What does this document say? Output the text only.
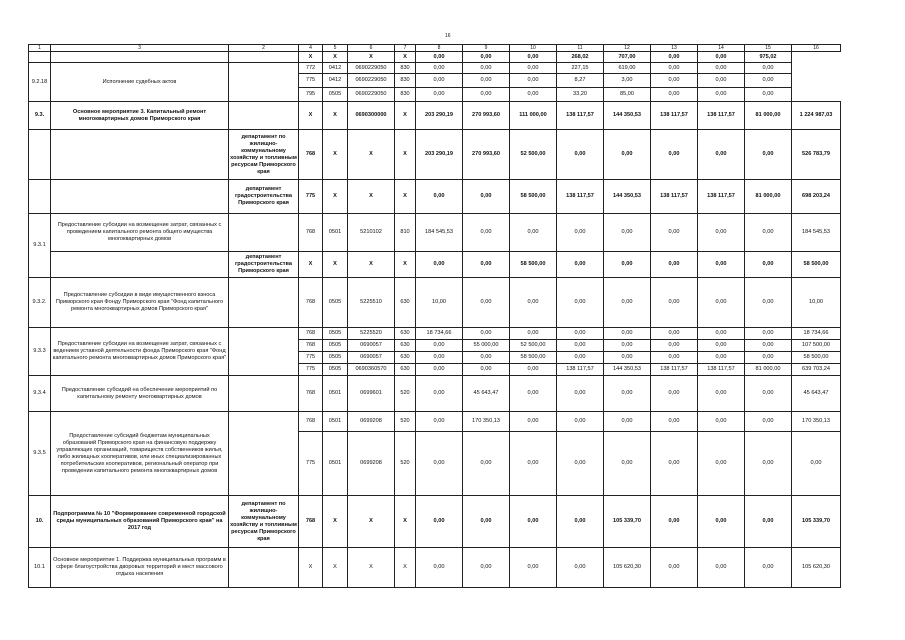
16
1	3	2	4	5	6	7	8	9	10	11	12	13	14	15	16
			X	X	X	X	0,00	0,00	0,00	268,02	707,00	0,00	0,00	975,02	
9.2.18	Исполнение судебных актов		772	0412	0690229050	830	0,00	0,00	0,00	227,15	619,00	0,00	0,00	0,00	
			775	0412	0690229050	830	0,00	0,00	0,00	8,27	3,00	0,00	0,00	0,00	
			795	0505	0690229050	830	0,00	0,00	0,00	33,20	85,00	0,00	0,00	0,00	
9.3.	Основное мероприятие 3. Капитальный ремонт многоквартирных домов Приморского края		X	X	0690300000	X	203 290,19	270 993,60	111 000,00	138 117,57	144 350,53	138 117,57	138 117,57	81 000,00	1 224 987,03
		департамент по жилищно-коммунальному хозяйству и топливным ресурсам Приморского края	768	X	X	X	203 290,19	270 993,60	52 500,00	0,00	0,00	0,00	0,00	0,00	526 783,79
		департамент градостроительства Приморского края	775	X	X	X	0,00	0,00	58 500,00	138 117,57	144 350,53	138 117,57	138 117,57	81 000,00	698 203,24
9.3.1	Предоставление субсидии на возмещение затрат, связанных с проведением капитального ремонта общего имущества многоквартирных домов		768	0501	5210102	810	184 545,53	0,00	0,00	0,00	0,00	0,00	0,00	0,00	184 545,53
		департамент градостроительства Приморского края	X	X	X	X	0,00	0,00	58 500,00	0,00	0,00	0,00	0,00	0,00	58 500,00
9.3.2.	Предоставление субсидии в виде имущественного взноса Приморского края Фонду Приморского края "Фонд капитального ремонта многоквартирных домов Приморского края"		768	0505	5225510	630	10,00	0,00	0,00	0,00	0,00	0,00	0,00	0,00	10,00
9.3.3	Предоставление субсидии на возмещение затрат, связанных с ведением уставной деятельности фонда Приморского края "Фонд капитального ремонта многоквартирных домов Приморского края"		768	0505	5225520	630	18 734,66	0,00	0,00	0,00	0,00	0,00	0,00	0,00	18 734,66
			768	0505	0690057	630	0,00	55 000,00	52 500,00	0,00	0,00	0,00	0,00	0,00	107 500,00
			775	0505	0690057	630	0,00	0,00	58 500,00	0,00	0,00	0,00	0,00	0,00	58 500,00
			775	0505	0690360570	630	0,00	0,00	0,00	138 117,57	144 350,53	138 117,57	138 117,57	81 000,00	639 703,24
9.3.4	Предоставление субсидий на обеспечение мероприятий по капитальному ремонту многоквартирных домов		768	0501	0699601	520	0,00	45 643,47	0,00	0,00	0,00	0,00	0,00	0,00	45 643,47
9.3.5	Предоставление субсидий бюджетам муниципальных образований Приморского края на финансовую поддержку управляющих организаций, товариществ собственников жилья, либо жилищных кооперативов, или иных специализированных потребительских кооперативов, региональный оператор при проведении капитального ремонта многоквартирных домов		768	0501	0699208	520	0,00	170 350,13	0,00	0,00	0,00	0,00	0,00	0,00	170 350,13
			775	0501	0699208	520	0,00	0,00	0,00	0,00	0,00	0,00	0,00	0,00	0,00
10.	Подпрограмма № 10 "Формирование современной городской среды муниципальных образований Приморского края" на 2017 год	департамент по жилищно-коммунальному хозяйству и топливным ресурсам Приморского края	768	X	X	X	0,00	0,00	0,00	0,00	105 339,70	0,00	0,00	0,00	105 339,70
10.1	Основное мероприятие 1. Поддержка муниципальных программ в сфере благоустройства дворовых территорий и мест массового отдыха населения		X	X	X	X	0,00	0,00	0,00	0,00	105 620,30	0,00	0,00	0,00	105 620,30
